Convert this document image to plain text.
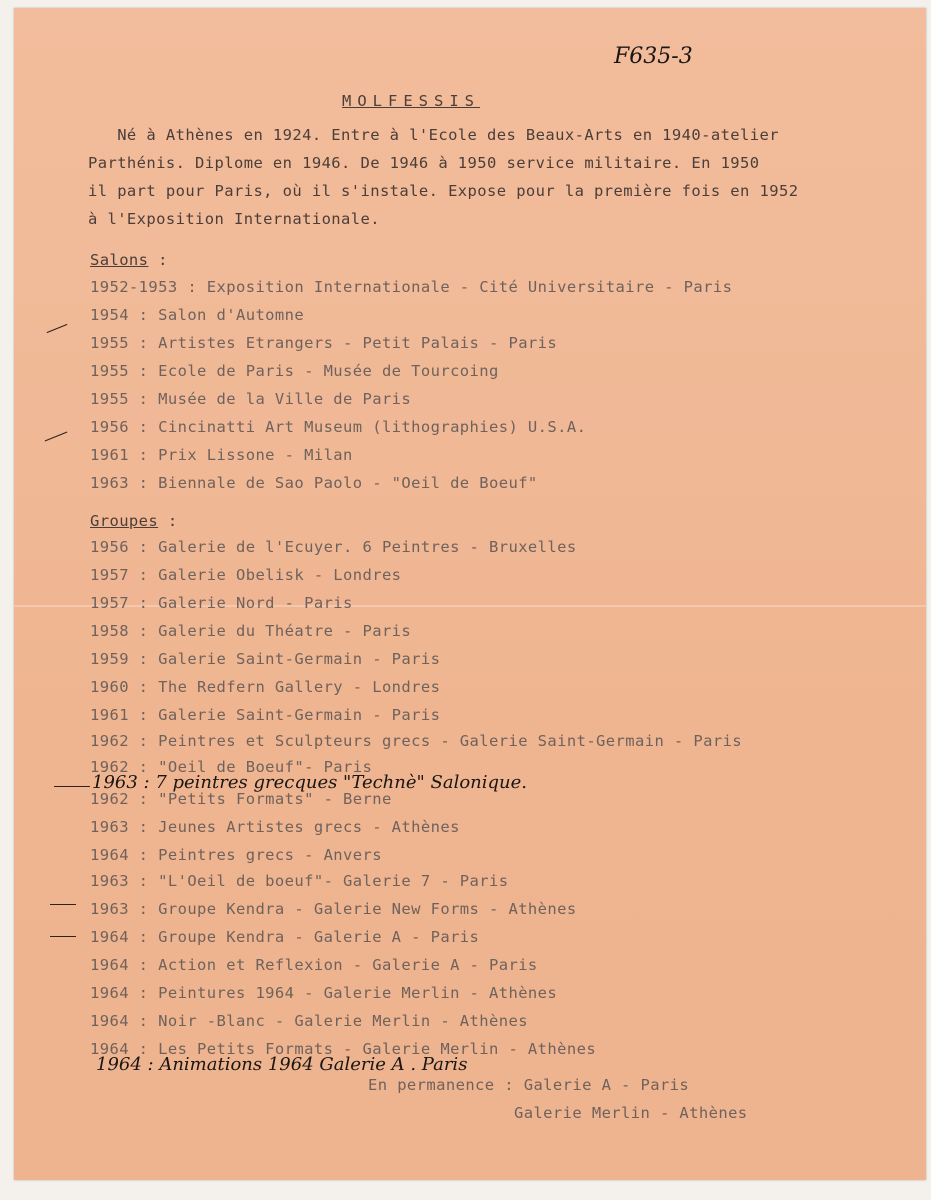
F635-3
MOLFESSIS
Né à Athènes en 1924. Entre à l'Ecole des Beaux-Arts en 1940-atelier
Parthénis. Diplome en 1946. De 1946 à 1950 service militaire. En 1950
il part pour Paris, où il s'instale. Expose pour la première fois en 1952
à l'Exposition Internationale.
Salons :
1952-1953 : Exposition Internationale - Cité Universitaire - Paris
1954 : Salon d'Automne
1955 : Artistes Etrangers - Petit Palais - Paris
1955 : Ecole de Paris - Musée de Tourcoing
1955 : Musée de la Ville de Paris
1956 : Cincinatti Art Museum (lithographies) U.S.A.
1961 : Prix Lissone - Milan
1963 : Biennale de Sao Paolo - "Oeil de Boeuf"
Groupes :
1956 : Galerie de l'Ecuyer. 6 Peintres - Bruxelles
1957 : Galerie Obelisk - Londres
1957 : Galerie Nord - Paris
1958 : Galerie du Théatre - Paris
1959 : Galerie Saint-Germain - Paris
1960 : The Redfern Gallery - Londres
1961 : Galerie Saint-Germain - Paris
1962 : Peintres et Sculpteurs grecs - Galerie Saint-Germain - Paris
1962 : "Oeil de Boeuf"- Paris
1962 : "Petits Formats" - Berne
1963 : Jeunes Artistes grecs - Athènes
1964 : Peintres grecs - Anvers
1963 : "L'Oeil de boeuf"- Galerie 7 - Paris
1963 : Groupe Kendra - Galerie New Forms - Athènes
1964 : Groupe Kendra - Galerie A - Paris
1964 : Action et Reflexion - Galerie A - Paris
1964 : Peintures 1964 - Galerie Merlin - Athènes
1964 : Noir -Blanc - Galerie Merlin - Athènes
1964 : Les Petits Formats - Galerie Merlin - Athènes
1963 : 7 peintres grecques "Technè" Salonique.
1964 : Animations 1964 Galerie A . Paris
En permanence : Galerie A - Paris
Galerie Merlin - Athènes
